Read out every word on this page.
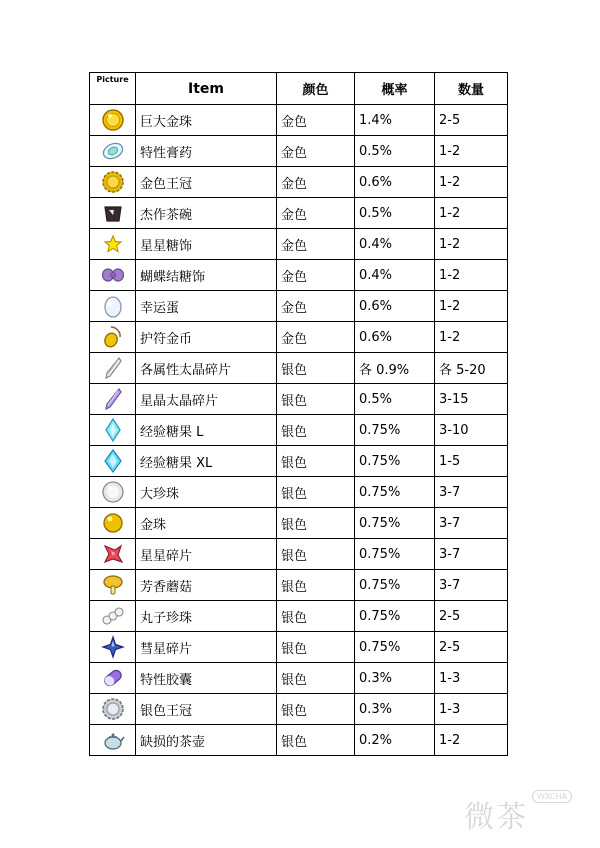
Picture	Item	颜色	概率	数量
	巨大金珠	金色	1.4%	2-5
	特性膏药	金色	0.5%	1-2
	金色王冠	金色	0.6%	1-2
	杰作茶碗	金色	0.5%	1-2
	星星糖饰	金色	0.4%	1-2
	蝴蝶结糖饰	金色	0.4%	1-2
	幸运蛋	金色	0.6%	1-2
	护符金币	金色	0.6%	1-2
	各属性太晶碎片	银色	各 0.9%	各 5-20
	星晶太晶碎片	银色	0.5%	3-15
	经验糖果 L	银色	0.75%	3-10
	经验糖果 XL	银色	0.75%	1-5
	大珍珠	银色	0.75%	3-7
	金珠	银色	0.75%	3-7
	星星碎片	银色	0.75%	3-7
	芳香蘑菇	银色	0.75%	3-7
	丸子珍珠	银色	0.75%	2-5
	彗星碎片	银色	0.75%	2-5
	特性胶囊	银色	0.3%	1-3
	银色王冠	银色	0.3%	1-3
	缺损的茶壶	银色	0.2%	1-2
微茶$^{WXCHA}$
